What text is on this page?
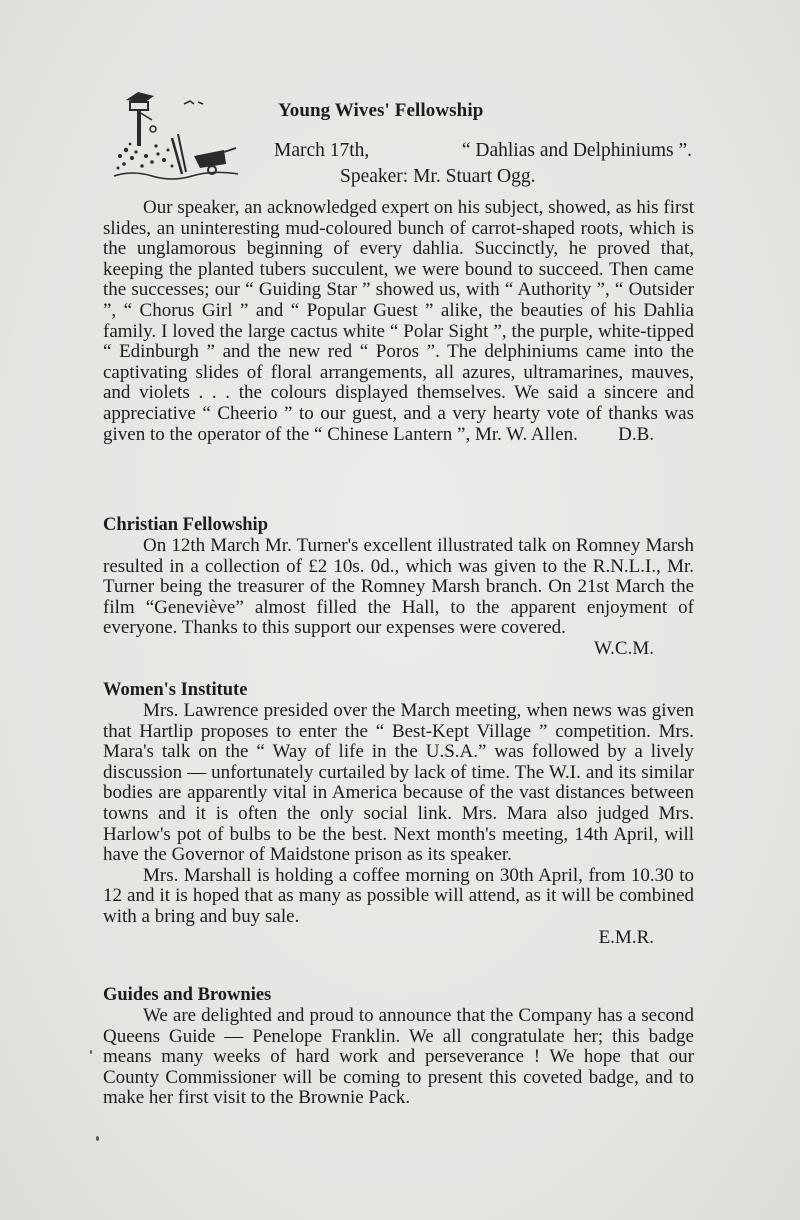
Young Wives' Fellowship
March 17th,	“ Dahlias and Delphiniums ”.
Speaker: Mr. Stuart Ogg.

Our speaker, an acknowledged expert on his subject, showed, as his first slides, an uninteresting mud-coloured bunch of carrot-shaped roots, which is the unglamorous beginning of every dahlia. Succinctly, he proved that, keeping the planted tubers succulent, we were bound to succeed. Then came the successes; our “ Guiding Star ” showed us, with “ Authority ”, “ Outsider ”, “ Chorus Girl ” and “ Popular Guest ” alike, the beauties of his Dahlia family. I loved the large cactus white “ Polar Sight ”, the purple, white-tipped “ Edinburgh ” and the new red “ Poros ”. The delphiniums came into the captivating slides of floral arrangements, all azures, ultramarines, mauves, and violets . . . the colours displayed themselves. We said a sincere and appreciative “ Cheerio ” to our guest, and a very hearty vote of thanks was given to the operator of the “ Chinese Lantern ”, Mr. W. Allen.	D.B.

Christian Fellowship

On 12th March Mr. Turner's excellent illustrated talk on Romney Marsh resulted in a collection of £2 10s. 0d., which was given to the R.N.L.I., Mr. Turner being the treasurer of the Romney Marsh branch. On 21st March the film “Geneviève” almost filled the Hall, to the apparent enjoyment of everyone. Thanks to this support our expenses were covered.

W.C.M.
Women's Institute

Mrs. Lawrence presided over the March meeting, when news was given that Hartlip proposes to enter the “ Best-Kept Village ” competition. Mrs. Mara's talk on the “ Way of life in the U.S.A.” was followed by a lively discussion — unfortunately curtailed by lack of time. The W.I. and its similar bodies are apparently vital in America because of the vast distances between towns and it is often the only social link. Mrs. Mara also judged Mrs. Harlow's pot of bulbs to be the best. Next month's meeting, 14th April, will have the Governor of Maidstone prison as its speaker.

Mrs. Marshall is holding a coffee morning on 30th April, from 10.30 to 12 and it is hoped that as many as possible will attend, as it will be combined with a bring and buy sale.

E.M.R.
Guides and Brownies

We are delighted and proud to announce that the Company has a second Queens Guide — Penelope Franklin. We all congratulate her; this badge means many weeks of hard work and perseverance ! We hope that our County Commissioner will be coming to present this coveted badge, and to make her first visit to the Brownie Pack.
